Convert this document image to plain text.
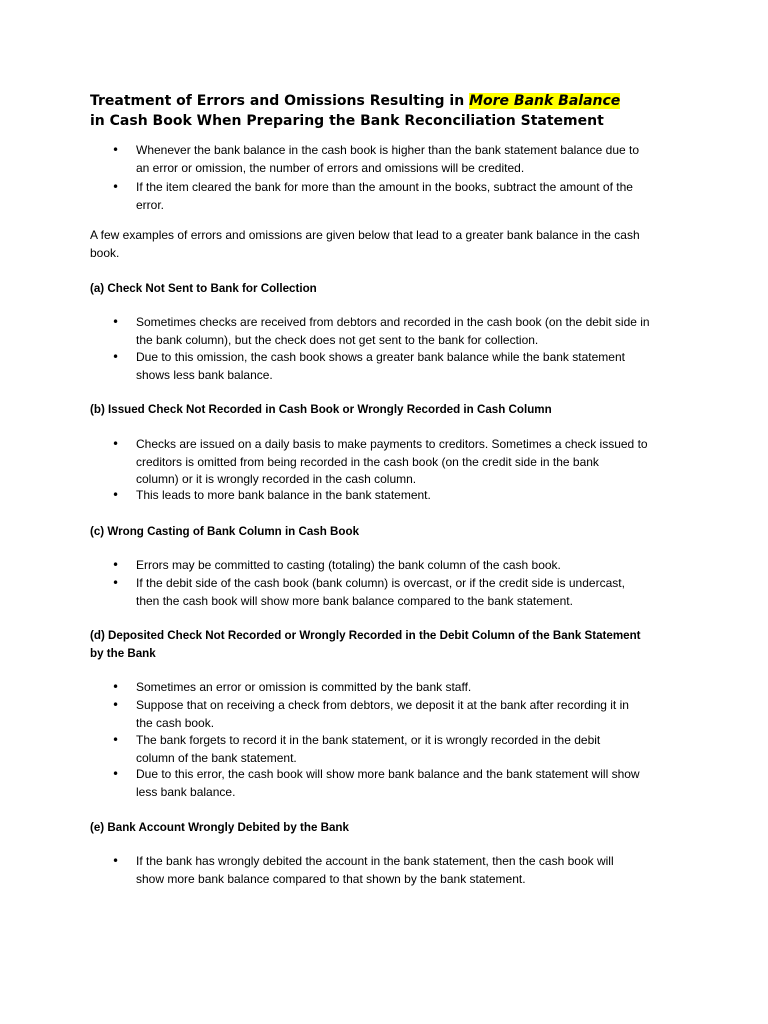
Treatment of Errors and Omissions Resulting in More Bank Balance
in Cash Book When Preparing the Bank Reconciliation Statement
•	Whenever the bank balance in the cash book is higher than the bank statement balance due to
an error or omission, the number of errors and omissions will be credited.
•	If the item cleared the bank for more than the amount in the books, subtract the amount of the
error.
A few examples of errors and omissions are given below that lead to a greater bank balance in the cash
book.
(a) Check Not Sent to Bank for Collection
•	Sometimes checks are received from debtors and recorded in the cash book (on the debit side in
the bank column), but the check does not get sent to the bank for collection.
•	Due to this omission, the cash book shows a greater bank balance while the bank statement
shows less bank balance.
(b) Issued Check Not Recorded in Cash Book or Wrongly Recorded in Cash Column
•	Checks are issued on a daily basis to make payments to creditors. Sometimes a check issued to
creditors is omitted from being recorded in the cash book (on the credit side in the bank
column) or it is wrongly recorded in the cash column.
•	This leads to more bank balance in the bank statement.
(c) Wrong Casting of Bank Column in Cash Book
•	Errors may be committed to casting (totaling) the bank column of the cash book.
•	If the debit side of the cash book (bank column) is overcast, or if the credit side is undercast,
then the cash book will show more bank balance compared to the bank statement.
(d) Deposited Check Not Recorded or Wrongly Recorded in the Debit Column of the Bank Statement
by the Bank
•	Sometimes an error or omission is committed by the bank staff.
•	Suppose that on receiving a check from debtors, we deposit it at the bank after recording it in
the cash book.
•	The bank forgets to record it in the bank statement, or it is wrongly recorded in the debit
column of the bank statement.
•	Due to this error, the cash book will show more bank balance and the bank statement will show
less bank balance.
(e) Bank Account Wrongly Debited by the Bank
•	If the bank has wrongly debited the account in the bank statement, then the cash book will
show more bank balance compared to that shown by the bank statement.
